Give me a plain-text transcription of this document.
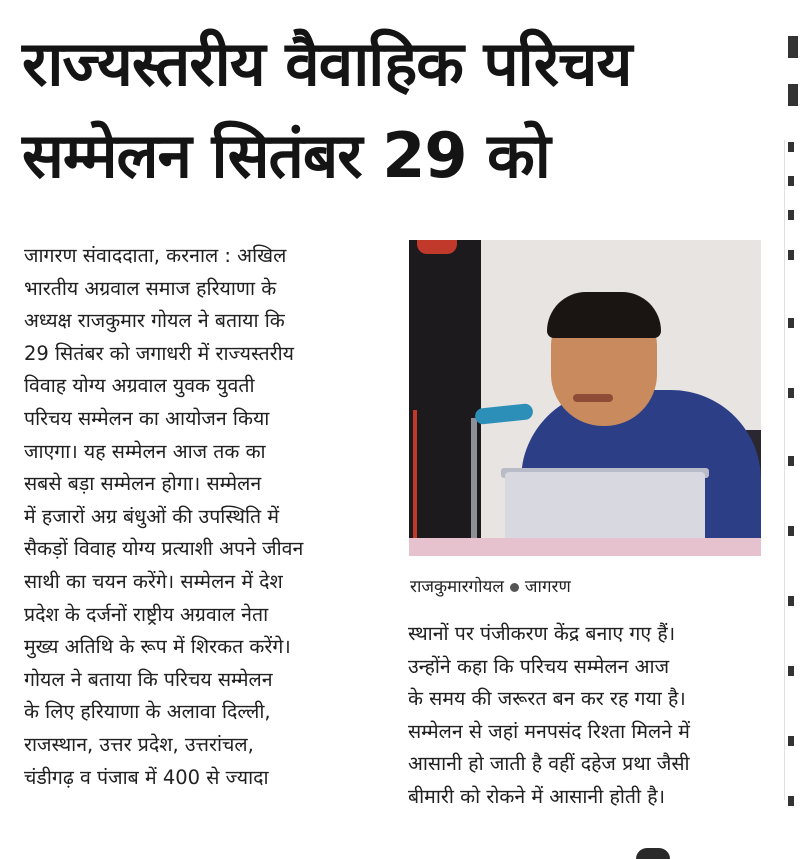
राज्यस्तरीय वैवाहिक परिचय
सम्मेलन सितंबर 29 को
जागरण संवाददाता, करनाल : अखिल
भारतीय अग्रवाल समाज हरियाणा के
अध्यक्ष राजकुमार गोयल ने बताया कि
29 सितंबर को जगाधरी में राज्यस्तरीय
विवाह योग्य अग्रवाल युवक युवती
परिचय सम्मेलन का आयोजन किया
जाएगा। यह सम्मेलन आज तक का
सबसे बड़ा सम्मेलन होगा। सम्मेलन
में हजारों अग्र बंधुओं की उपस्थिति में
सैकड़ों विवाह योग्य प्रत्याशी अपने जीवन
साथी का चयन करेंगे। सम्मेलन में देश
प्रदेश के दर्जनों राष्ट्रीय अग्रवाल नेता
मुख्य अतिथि के रूप में शिरकत करेंगे।
गोयल ने बताया कि परिचय सम्मेलन
के लिए हरियाणा के अलावा दिल्ली,
राजस्थान, उत्तर प्रदेश, उत्तरांचल,
चंडीगढ़ व पंजाब में 400 से ज्यादा
राजकुमारगोयल जागरण
स्थानों पर पंजीकरण केंद्र बनाए गए हैं।
उन्होंने कहा कि परिचय सम्मेलन आज
के समय की जरूरत बन कर रह गया है।
सम्मेलन से जहां मनपसंद रिश्ता मिलने में
आसानी हो जाती है वहीं दहेज प्रथा जैसी
बीमारी को रोकने में आसानी होती है।
